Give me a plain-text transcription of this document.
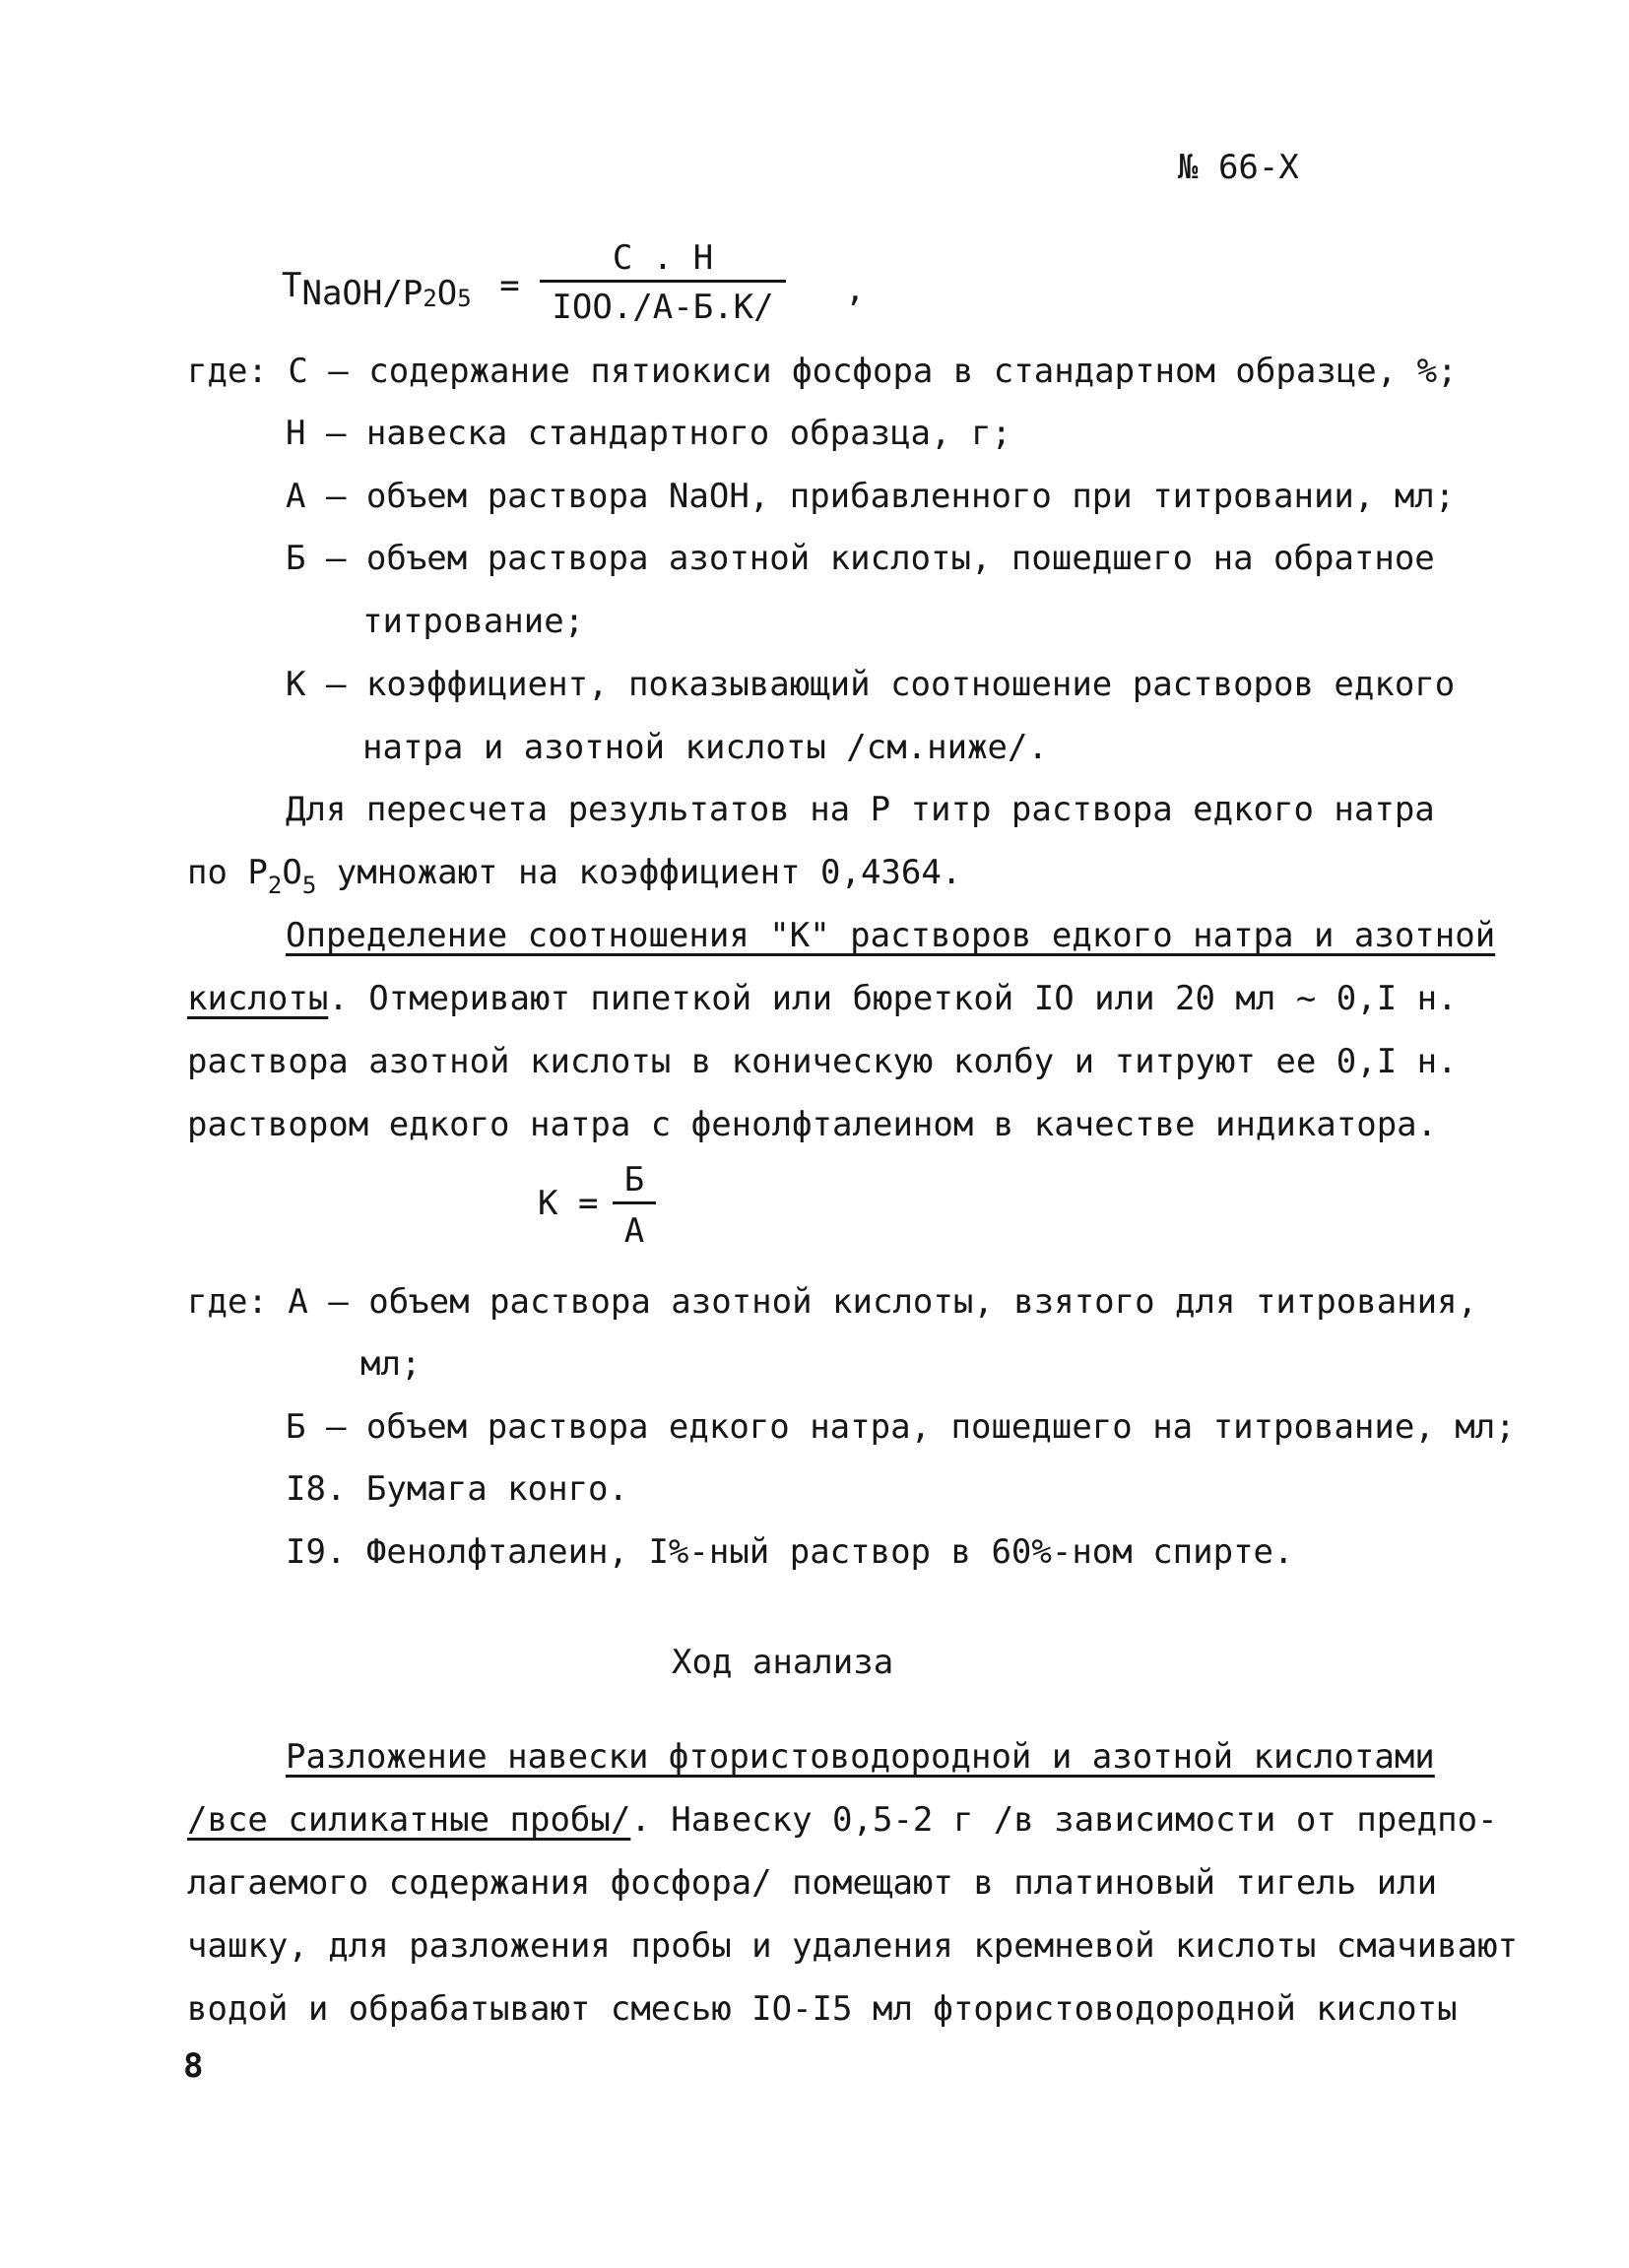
№ 66-Х
TNaOH/$P_2O_5$ =
С . Н
IOO./А-Б.К/	,
где: С – содержание пятиокиси фосфора в стандартном образце, %;
Н – навеска стандартного образца, г;
А – объем раствора NaOH, прибавленного при титровании, мл;
Б – объем раствора азотной кислоты, пошедшего на обратное
титрование;
К – коэффициент, показывающий соотношение растворов едкого
натра и азотной кислоты /см.ниже/.
Для пересчета результатов на Р титр раствора едкого натра
по $Р_2О_5$ умножают на коэффициент 0,4364.
Определение соотношения "К" растворов едкого натра и азотной
кислоты. Отмеривают пипеткой или бюреткой IO или 20 мл ~ 0,I н.
раствора азотной кислоты в коническую колбу и титруют ее 0,I н.
раствором едкого натра с фенолфталеином в качестве индикатора.
К =
Б
А
где: А – объем раствора азотной кислоты, взятого для титрования,
мл;
Б – объем раствора едкого натра, пошедшего на титрование, мл;
I8. Бумага конго.
I9. Фенолфталеин, I%-ный раствор в 60%-ном спирте.
Ход анализа
Разложение навески фтористоводородной и азотной кислотами
/все силикатные пробы/. Навеску 0,5-2 г /в зависимости от предпо-
лагаемого содержания фосфора/ помещают в платиновый тигель или
чашку, для разложения пробы и удаления кремневой кислоты смачивают
водой и обрабатывают смесью IO-I5 мл фтористоводородной кислоты
8
